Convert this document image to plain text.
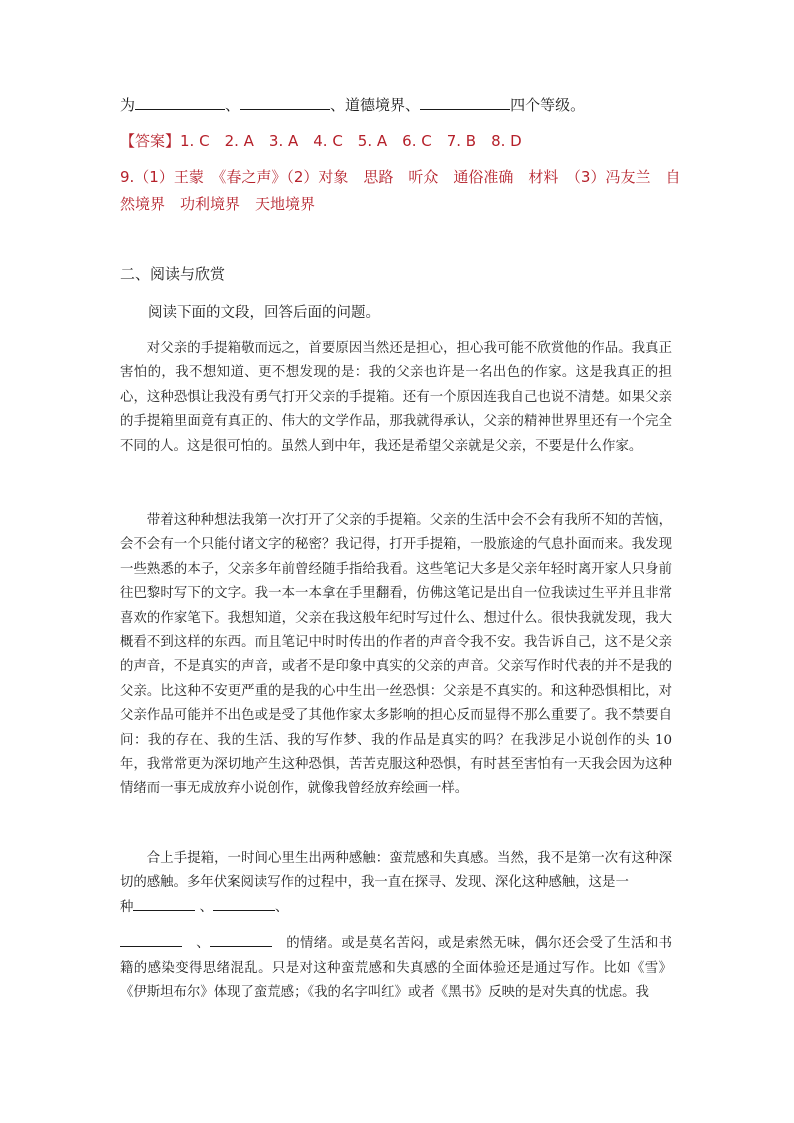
为	、	、道德境界、	四个等级。
【答案】1. C　2. A　3. A　4. C　5. A　6. C　7. B　8. D
9.（1）王蒙　《春之声》（2）对象　思路　听众　通俗准确　材料　（3）冯友兰　自
然境界　功利境界　天地境界
二、阅读与欣赏
阅读下面的文段，回答后面的问题。

对父亲的手提箱敬而远之，首要原因当然还是担心，担心我可能不欣赏他的作品。我真正害怕的，我不想知道、更不想发现的是：我的父亲也许是一名出色的作家。这是我真正的担心，这种恐惧让我没有勇气打开父亲的手提箱。还有一个原因连我自己也说不清楚。如果父亲的手提箱里面竟有真正的、伟大的文学作品，那我就得承认，父亲的精神世界里还有一个完全不同的人。这是很可怕的。虽然人到中年，我还是希望父亲就是父亲，不要是什么作家。

带着这种种想法我第一次打开了父亲的手提箱。父亲的生活中会不会有我所不知的苦恼，会不会有一个只能付诸文字的秘密？我记得，打开手提箱，一股旅途的气息扑面而来。我发现一些熟悉的本子，父亲多年前曾经随手指给我看。这些笔记大多是父亲年轻时离开家人只身前往巴黎时写下的文字。我一本一本拿在手里翻看，仿佛这笔记是出自一位我读过生平并且非常喜欢的作家笔下。我想知道，父亲在我这般年纪时写过什么、想过什么。很快我就发现，我大概看不到这样的东西。而且笔记中时时传出的作者的声音令我不安。我告诉自己，这不是父亲的声音，不是真实的声音，或者不是印象中真实的父亲的声音。父亲写作时代表的并不是我的父亲。比这种不安更严重的是我的心中生出一丝恐惧：父亲是不真实的。和这种恐惧相比，对父亲作品可能并不出色或是受了其他作家太多影响的担心反而显得不那么重要了。我不禁要自问：我的存在、我的生活、我的写作梦、我的作品是真实的吗？在我涉足小说创作的头 10 年，我常常更为深切地产生这种恐惧，苦苦克服这种恐惧，有时甚至害怕有一天我会因为这种情绪而一事无成放弃小说创作，就像我曾经放弃绘画一样。

合上手提箱，一时间心里生出两种感触：蛮荒感和失真感。当然，我不是第一次有这种深切的感触。多年伏案阅读写作的过程中，我一直在探寻、发现、深化这种感触，这是一

种	、	、
　、　	的情绪。或是莫名苦闷，或是索然无味，偶尔还会受了生活和书籍的感染变得思绪混乱。只是对这种蛮荒感和失真感的全面体验还是通过写作。比如《雪》《伊斯坦布尔》体现了蛮荒感；《我的名字叫红》或者《黑书》反映的是对失真的忧虑。我
